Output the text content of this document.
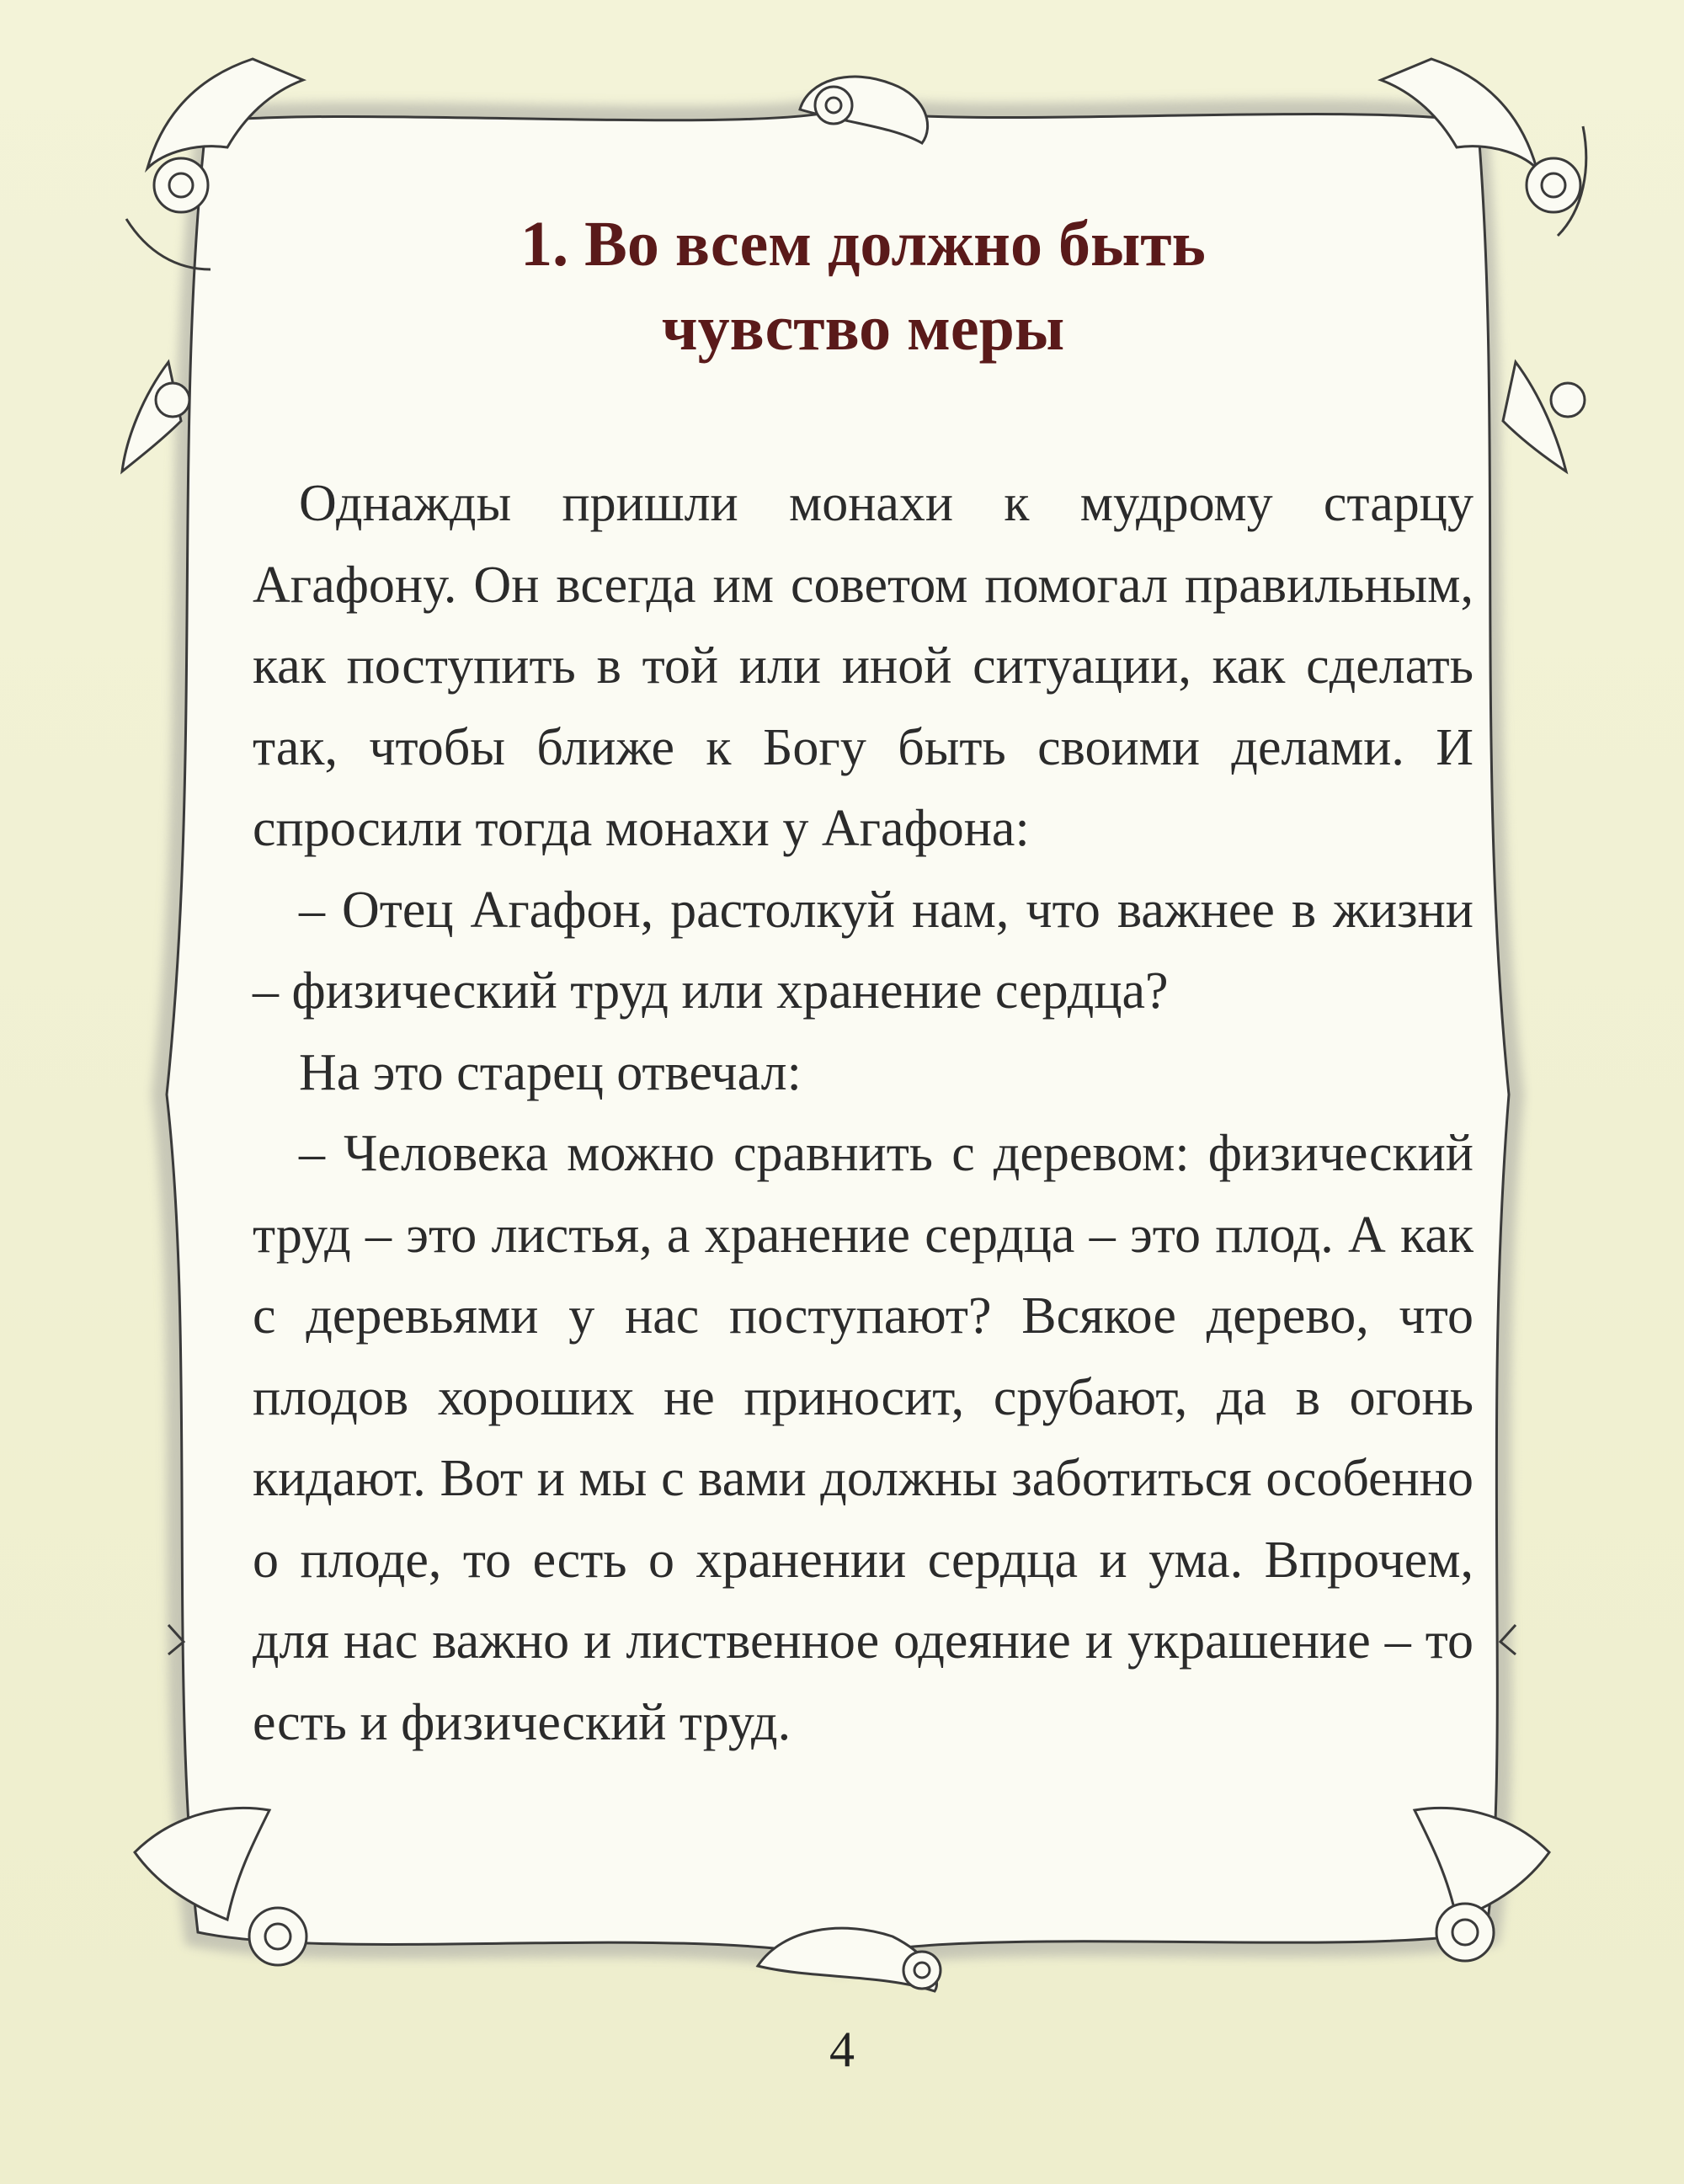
1. Во всем должно быть
чувство меры

Однажды пришли монахи к мудрому старцу Агафону. Он всегда им советом помогал правильным, как поступить в той или иной ситуации, как сделать так, чтобы ближе к Богу быть своими делами. И спросили тогда монахи у Агафона:

– Отец Агафон, растолкуй нам, что важнее в жизни – физический труд или хранение сердца?

На это старец отвечал:

– Человека можно сравнить с деревом: физический труд – это листья, а хранение сердца – это плод. А как с деревьями у нас поступают? Всякое дерево, что плодов хороших не приносит, срубают, да в огонь кидают. Вот и мы с вами должны заботиться особенно о плоде, то есть о хранении сердца и ума. Впрочем, для нас важно и лиственное одеяние и украшение – то есть и физический труд.

4
